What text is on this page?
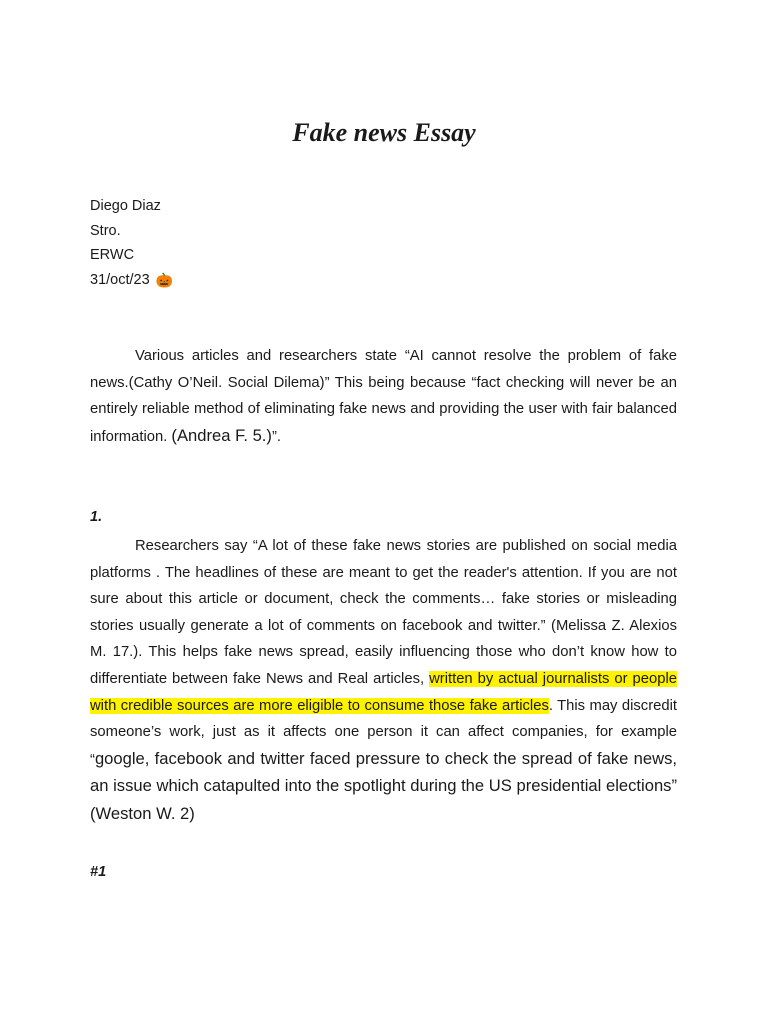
Fake news Essay
Diego Diaz
Stro.
ERWC
31/oct/23 🎃

Various articles and researchers state “AI cannot resolve the problem of fake news.(Cathy O’Neil. Social Dilema)” This being because “fact checking will never be an entirely reliable method of eliminating fake news and providing the user with fair balanced information. (Andrea F. 5.)”.

1.

Researchers say “A lot of these fake news stories are published on social media platforms . The headlines of these are meant to get the reader's attention. If you are not sure about this article or document, check the comments… fake stories or misleading stories usually generate a lot of comments on facebook and twitter.” (Melissa Z. Alexios M. 17.). This helps fake news spread, easily influencing those who don’t know how to differentiate between fake News and Real articles, written by actual journalists or people with credible sources are more eligible to consume those fake articles. This may discredit someone’s work, just as it affects one person it can affect companies, for example “google, facebook and twitter faced pressure to check the spread of fake news, an issue which catapulted into the spotlight during the US presidential elections” (Weston W. 2)

#1
